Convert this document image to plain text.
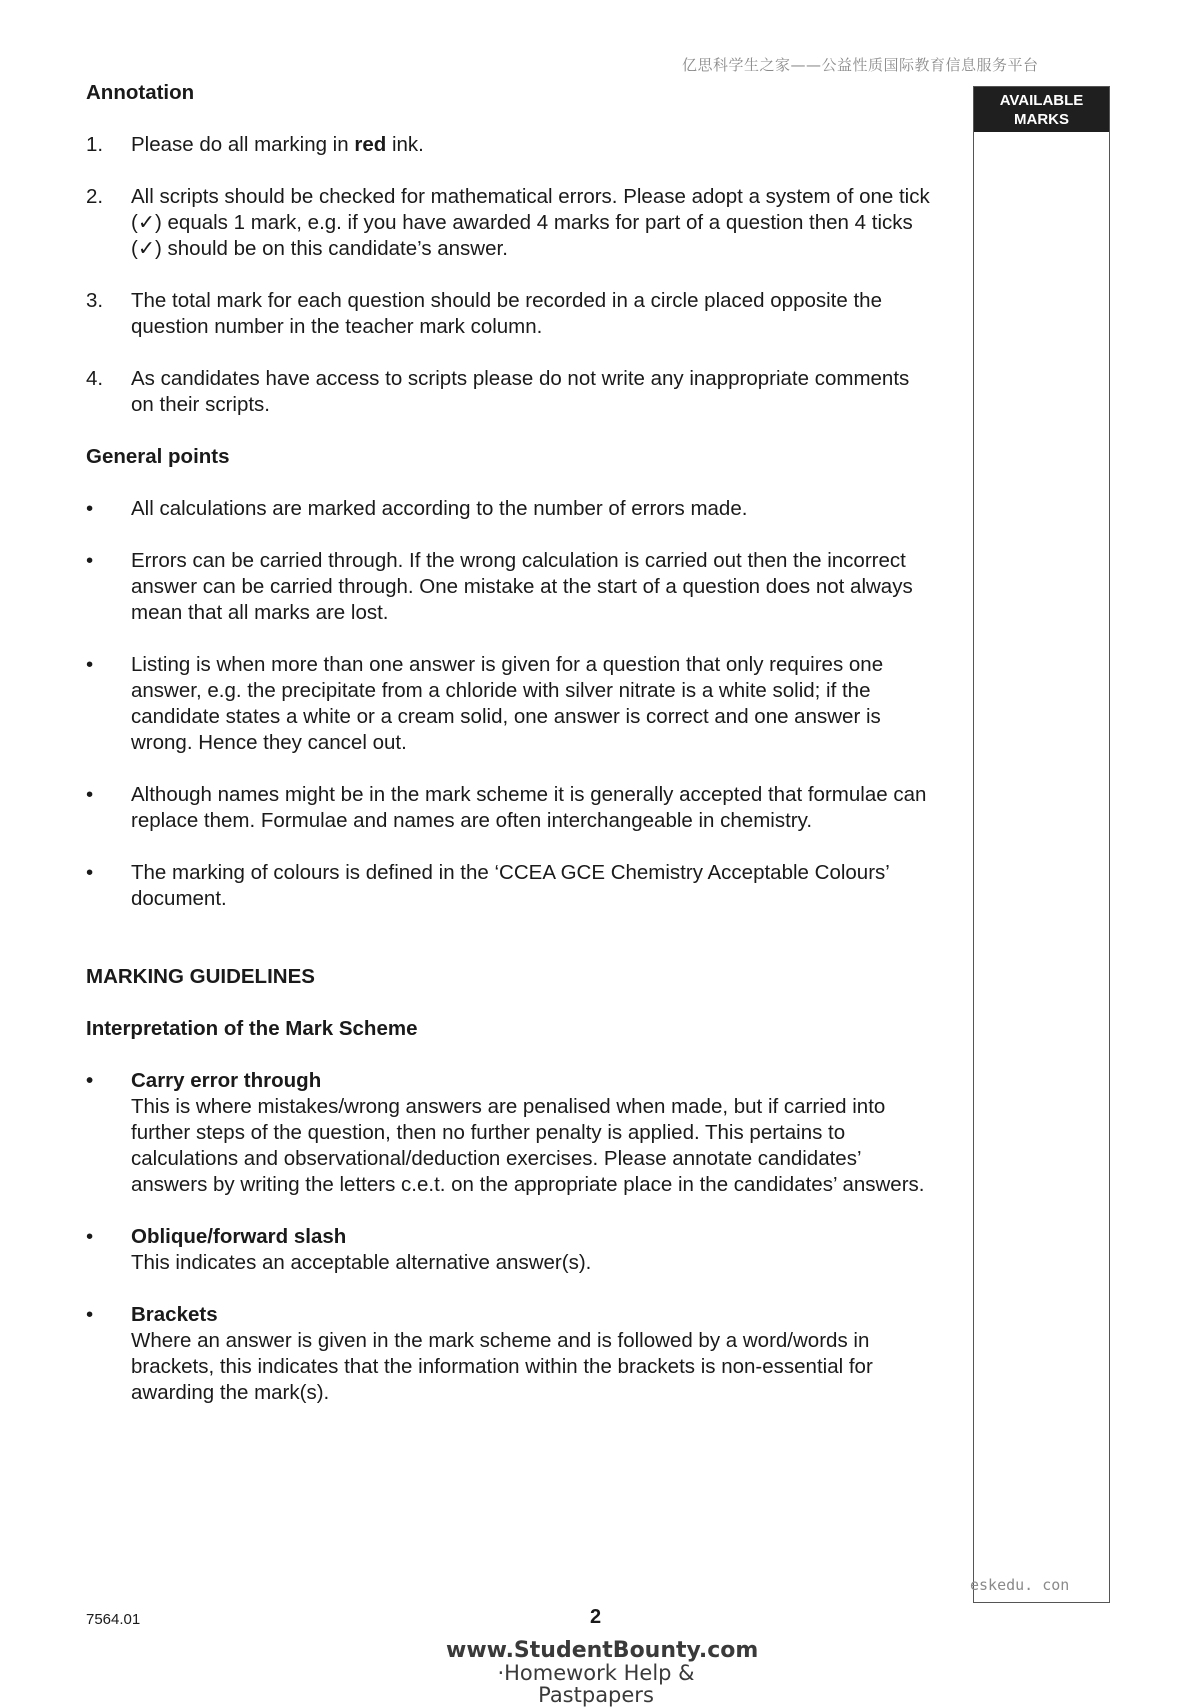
亿思科学生之家——公益性质国际教育信息服务平台
AVAILABLE MARKS

Annotation

1.	Please do all marking in red ink.
2.	All scripts should be checked for mathematical errors. Please adopt a system of one tick (✓) equals 1 mark, e.g. if you have awarded 4 marks for part of a question then 4 ticks (✓) should be on this candidate’s answer.
3.	The total mark for each question should be recorded in a circle placed opposite the question number in the teacher mark column.
4.	As candidates have access to scripts please do not write any inappropriate comments on their scripts.

General points

•	All calculations are marked according to the number of errors made.
•	Errors can be carried through. If the wrong calculation is carried out then the incorrect answer can be carried through. One mistake at the start of a question does not always mean that all marks are lost.
•	Listing is when more than one answer is given for a question that only requires one answer, e.g. the precipitate from a chloride with silver nitrate is a white solid; if the candidate states a white or a cream solid, one answer is correct and one answer is wrong. Hence they cancel out.
•	Although names might be in the mark scheme it is generally accepted that formulae can replace them. Formulae and names are often interchangeable in chemistry.
•	The marking of colours is defined in the ‘CCEA GCE Chemistry Acceptable Colours’ document.

MARKING GUIDELINES

Interpretation of the Mark Scheme

•	Carry error through
This is where mistakes/wrong answers are penalised when made, but if carried into further steps of the question, then no further penalty is applied. This pertains to calculations and observational/deduction exercises. Please annotate candidates’ answers by writing the letters c.e.t. on the appropriate place in the candidates’ answers.
•	Oblique/forward slash
This indicates an acceptable alternative answer(s).
•	Brackets
Where an answer is given in the mark scheme and is followed by a word/words in brackets, this indicates that the information within the brackets is non-essential for awarding the mark(s).
eskedu. con
7564.01	2
www.StudentBounty.com
·Homework Help & Pastpapers
